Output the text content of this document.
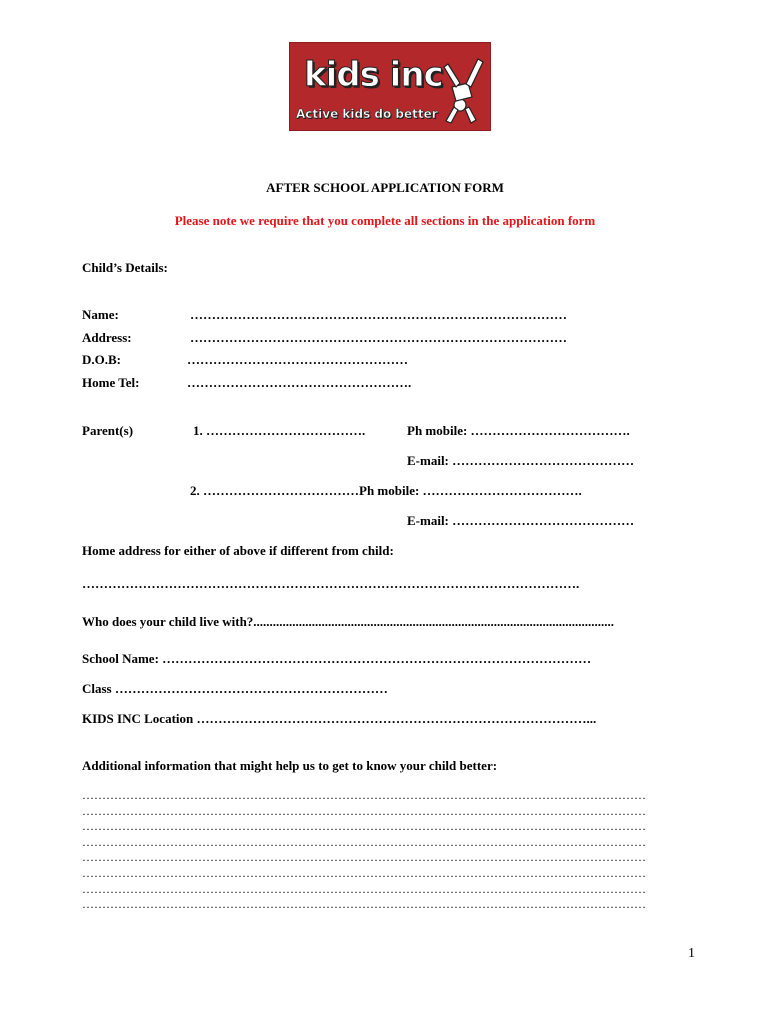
kids inc
Active kids do better
AFTER SCHOOL APPLICATION FORM
Please note we require that you complete all sections in the application form
Child’s Details:
Name:	……………………………………………………………………………
Address:	……………………………………………………………………………
D.O.B:	……………………………………………
Home Tel:	…………………………………………….
Parent(s)	1. ……………………………….	Ph mobile: ……………………………….
E-mail: ……………………………………
2. ………………………………Ph mobile: ……………………………….
E-mail: ……………………………………
Home address for either of above if different from child:
…………………………………………………………………………………………………….
Who does your child live with?...............................................................................................................
School Name: ………………………………………………………………………………………
Class ………………………………………………………
KIDS INC Location ………………………………………………………………………………...
Additional information that might help us to get to know your child better:
……………………………………………………………………………………………………………………………
……………………………………………………………………………………………………………………………
……………………………………………………………………………………………………………………………
……………………………………………………………………………………………………………………………
……………………………………………………………………………………………………………………………
……………………………………………………………………………………………………………………………
……………………………………………………………………………………………………………………………
……………………………………………………………………………………………………………………………
1
